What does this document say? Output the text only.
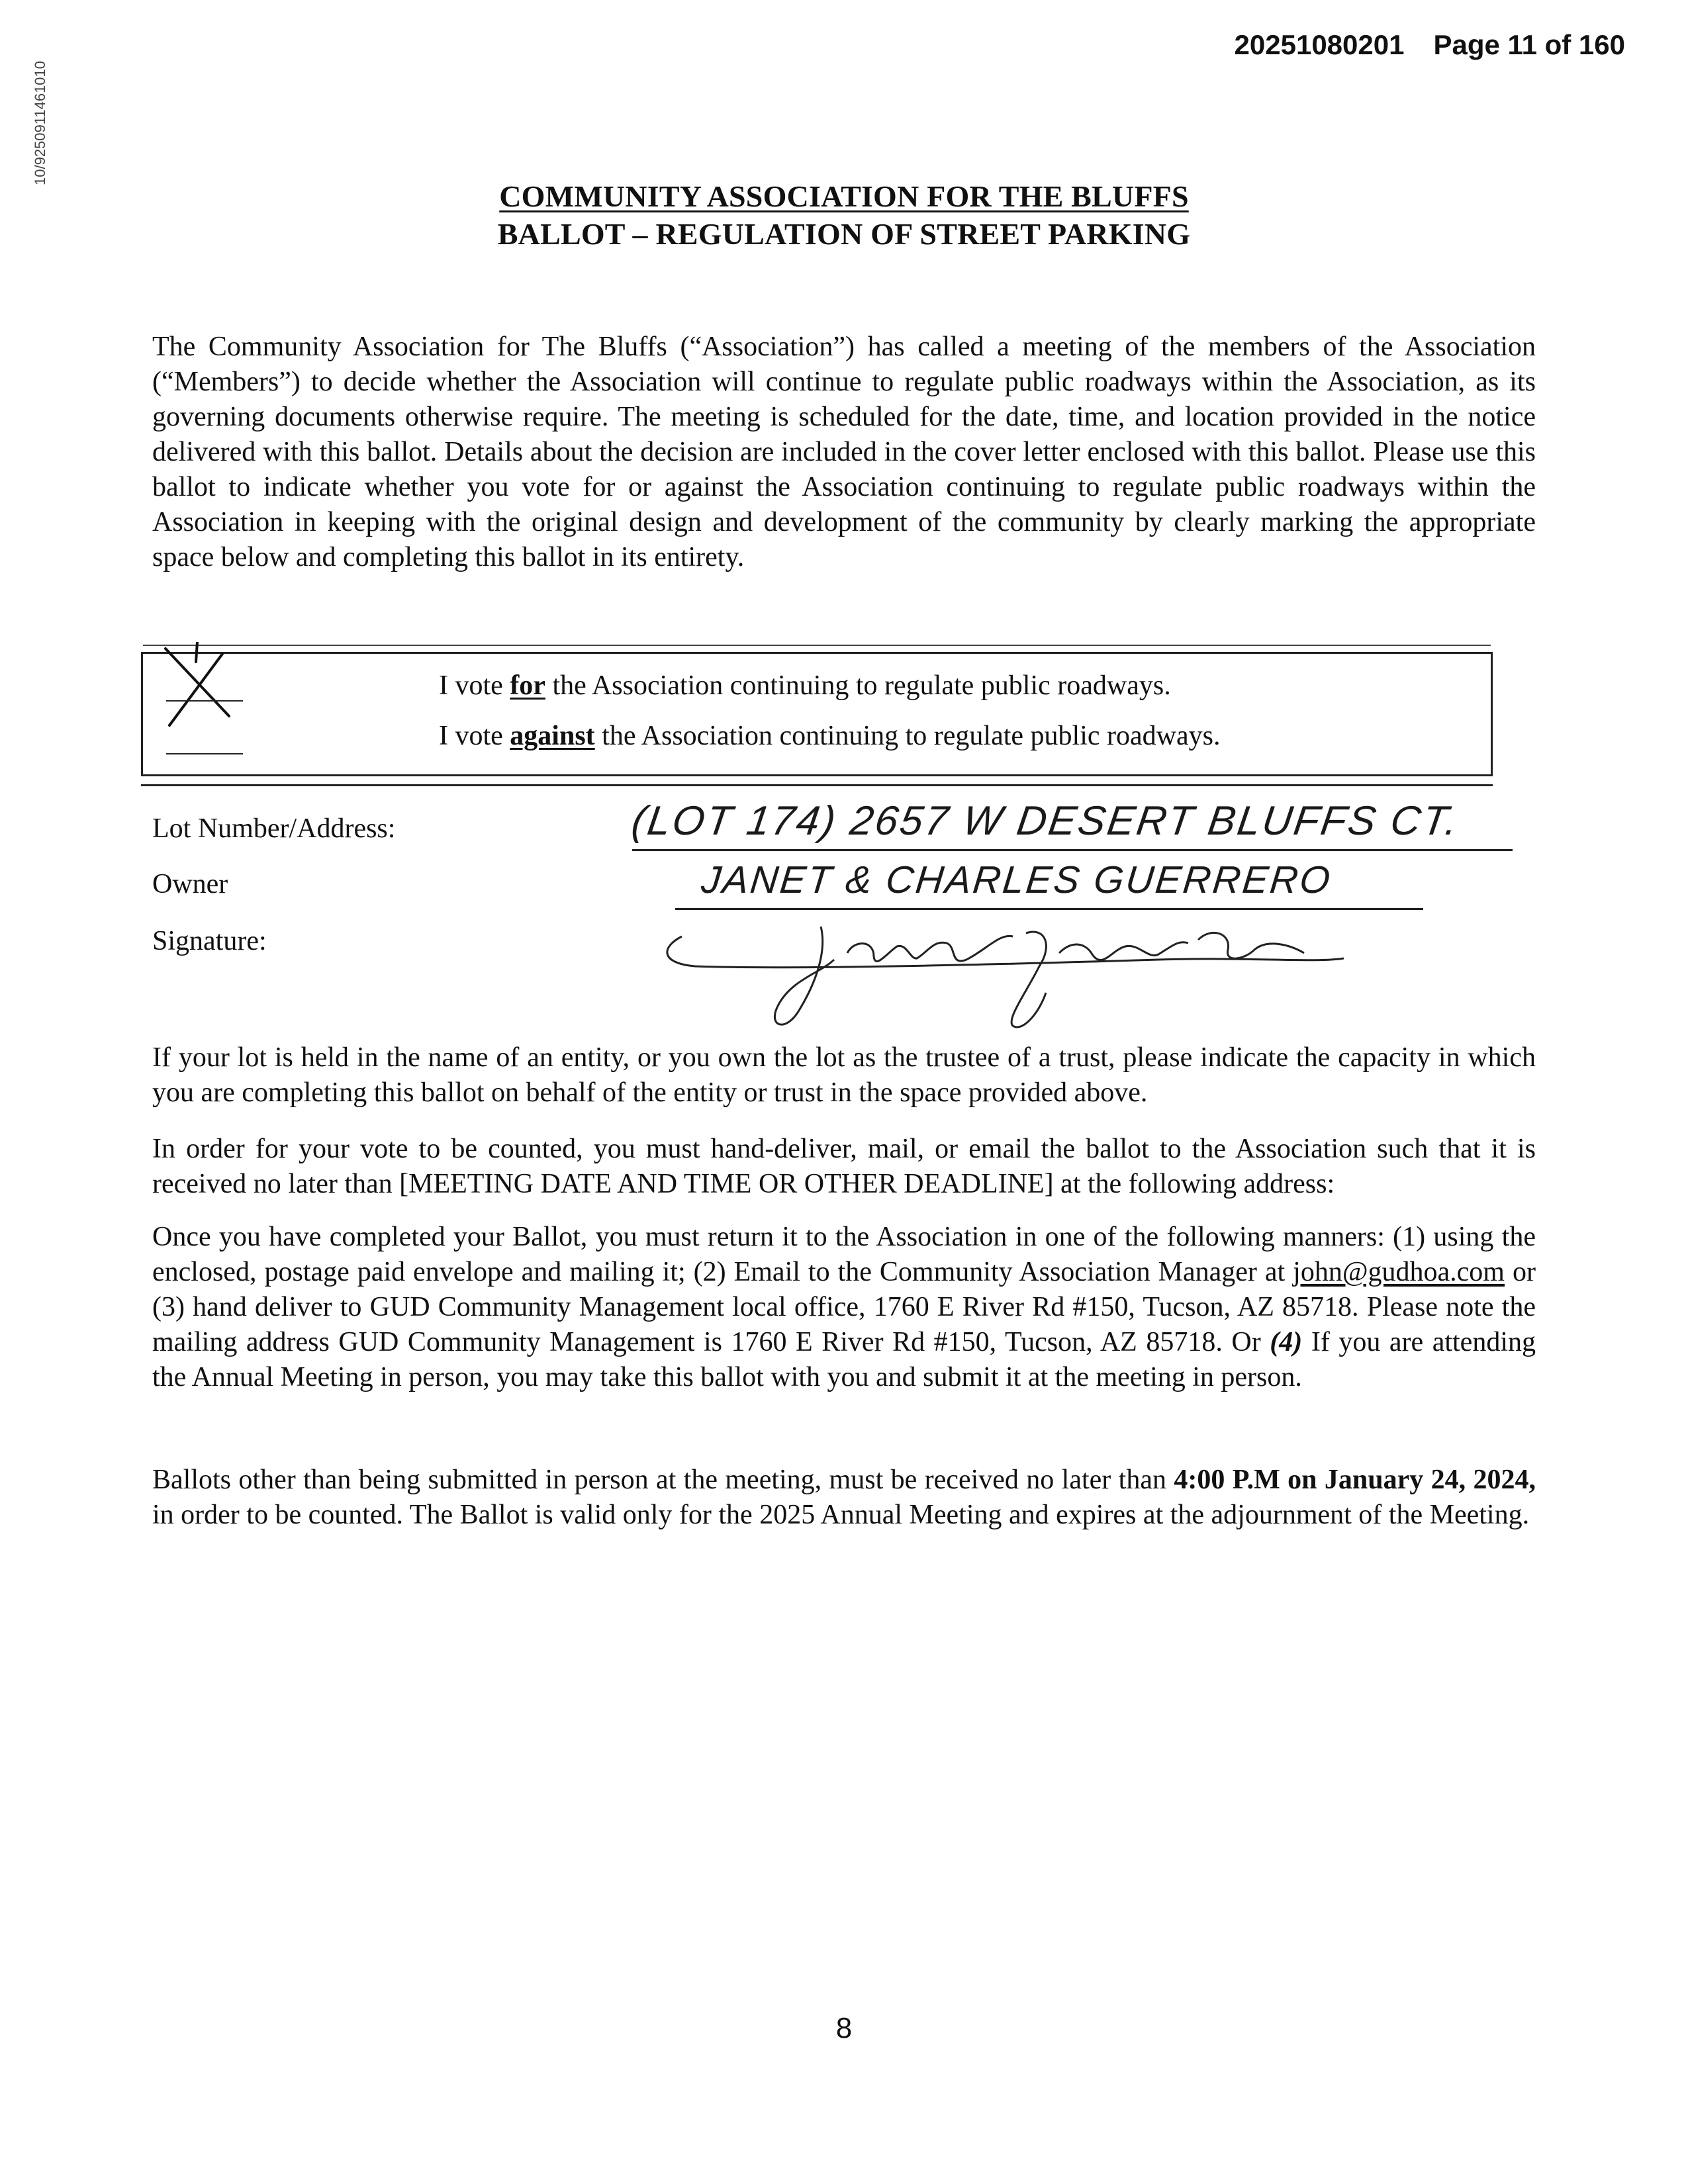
10/9250911461010
20251080201 Page 11 of 160
COMMUNITY ASSOCIATION FOR THE BLUFFS
BALLOT – REGULATION OF STREET PARKING
The Community Association for The Bluffs (“Association”) has called a meeting of the members of the Association (“Members”) to decide whether the Association will continue to regulate public roadways within the Association, as its governing documents otherwise require. The meeting is scheduled for the date, time, and location provided in the notice delivered with this ballot. Details about the decision are included in the cover letter enclosed with this ballot. Please use this ballot to indicate whether you vote for or against the Association continuing to regulate public roadways within the Association in keeping with the original design and development of the community by clearly marking the appropriate space below and completing this ballot in its entirety.
I vote for the Association continuing to regulate public roadways.
I vote against the Association continuing to regulate public roadways.
Lot Number/Address:
Owner
Signature:
(LOT 174) 2657 W DESERT BLUFFS CT.
JANET & CHARLES GUERRERO
If your lot is held in the name of an entity, or you own the lot as the trustee of a trust, please indicate the capacity in which you are completing this ballot on behalf of the entity or trust in the space provided above.
In order for your vote to be counted, you must hand-deliver, mail, or email the ballot to the Association such that it is received no later than [MEETING DATE AND TIME OR OTHER DEADLINE] at the following address:
Once you have completed your Ballot, you must return it to the Association in one of the following manners: (1) using the enclosed, postage paid envelope and mailing it; (2) Email to the Community Association Manager at john@gudhoa.com or (3) hand deliver to GUD Community Management local office, 1760 E River Rd #150, Tucson, AZ 85718. Please note the mailing address GUD Community Management is 1760 E River Rd #150, Tucson, AZ 85718. Or (4) If you are attending the Annual Meeting in person, you may take this ballot with you and submit it at the meeting in person.
Ballots other than being submitted in person at the meeting, must be received no later than 4:00 P.M on January 24, 2024, in order to be counted. The Ballot is valid only for the 2025 Annual Meeting and expires at the adjournment of the Meeting.
8
